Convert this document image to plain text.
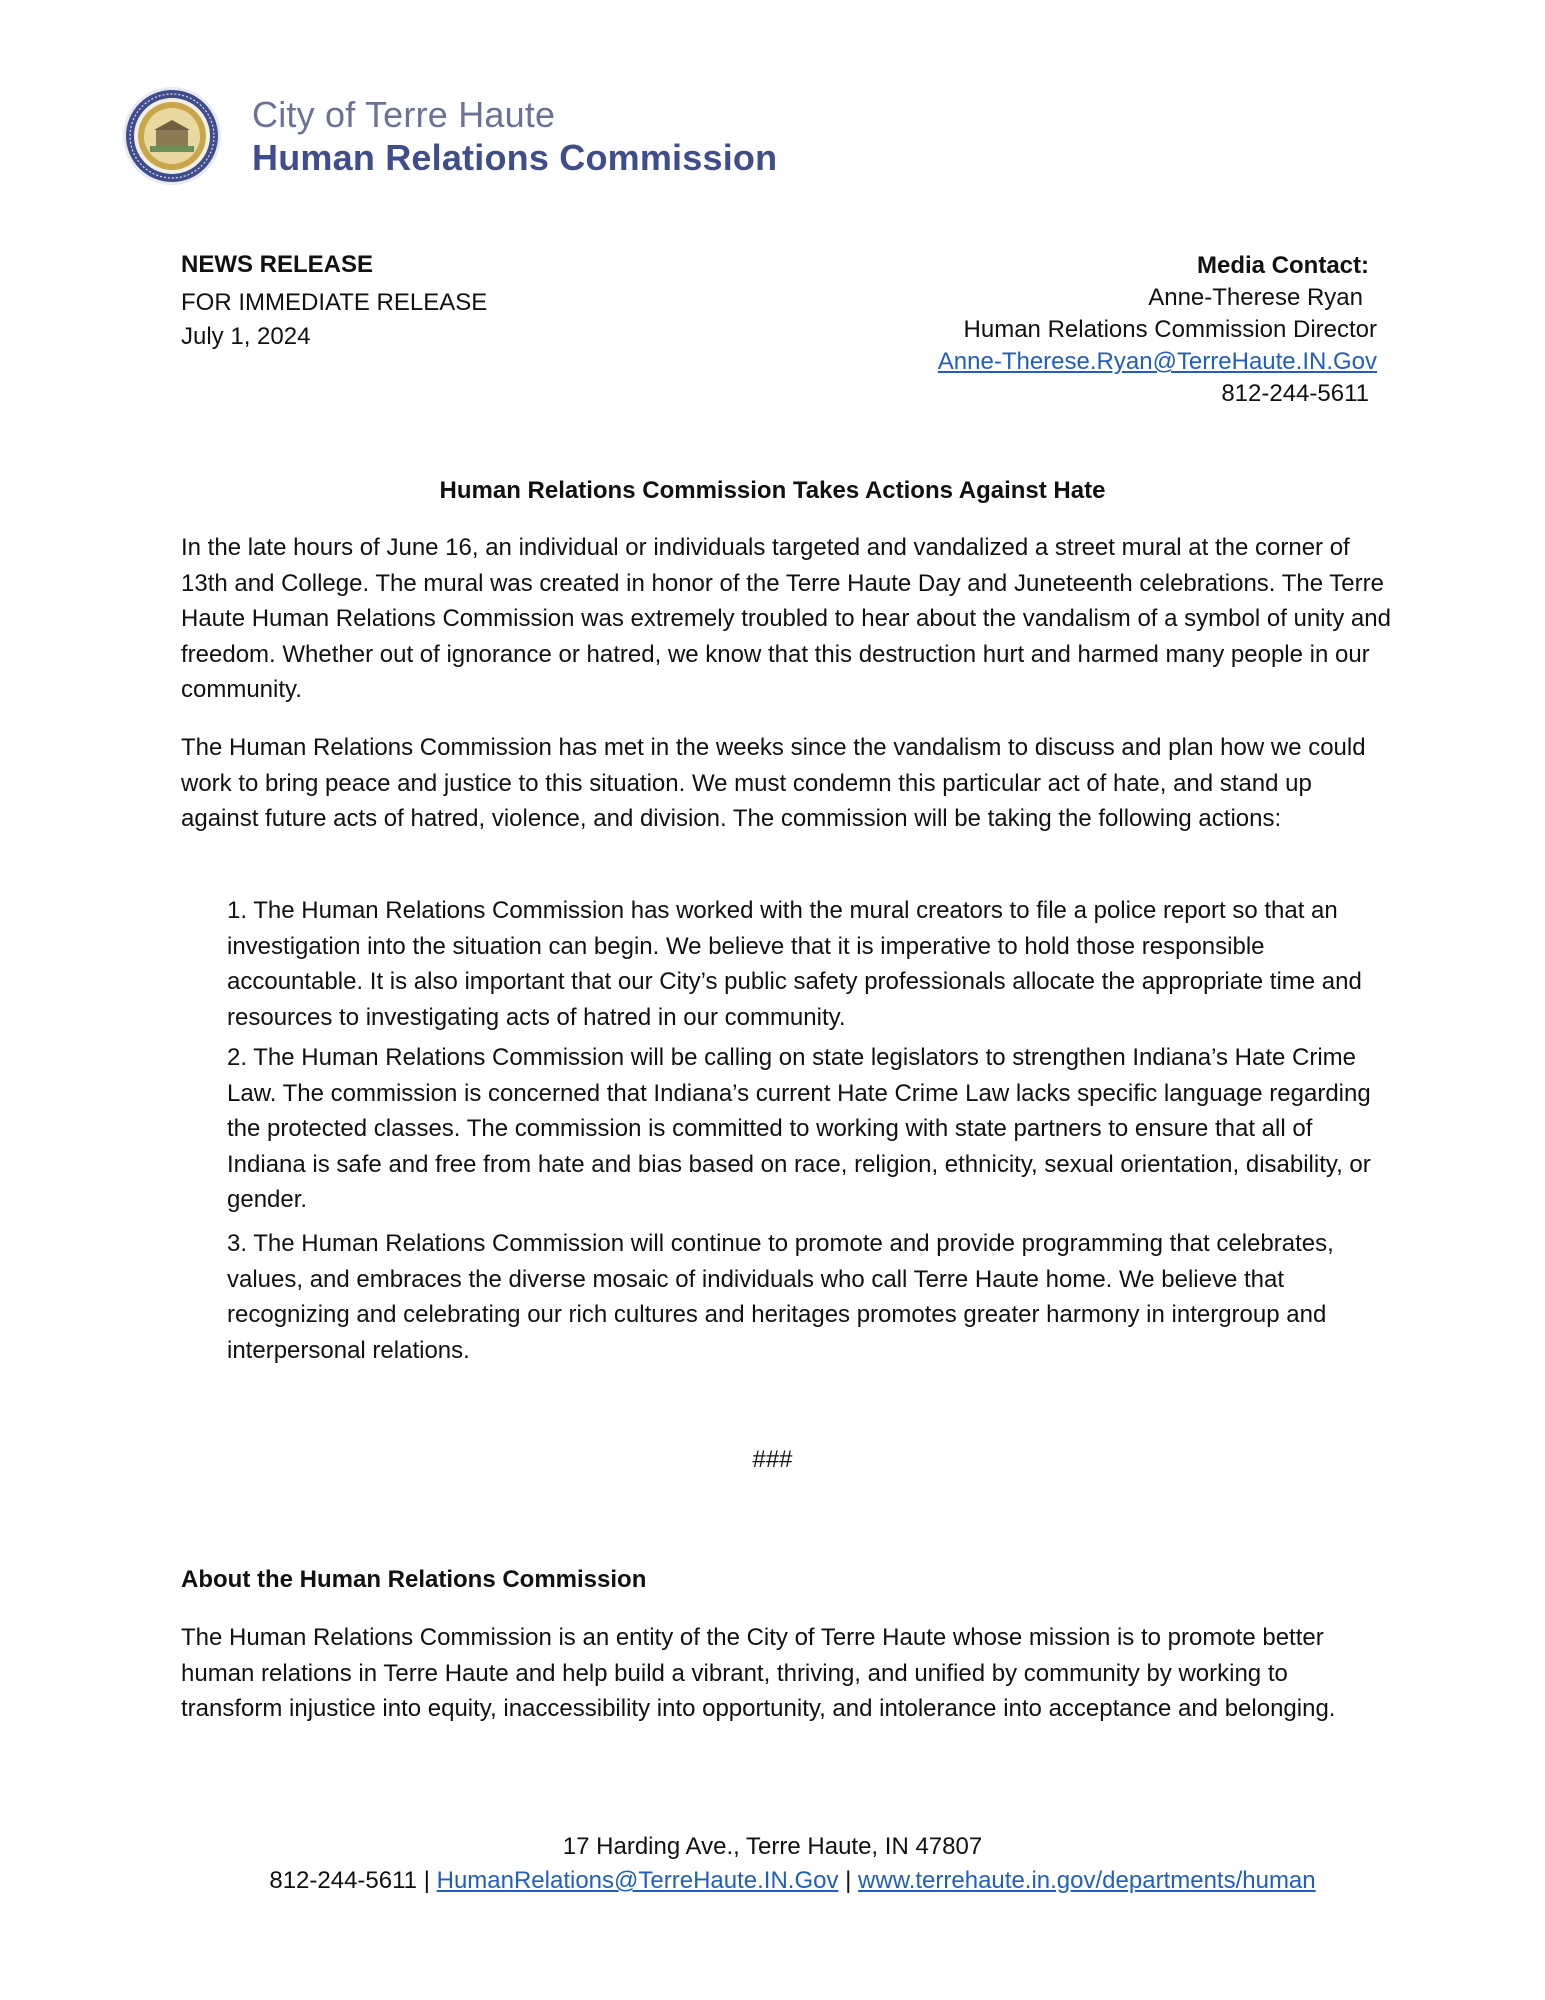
City of Terre Haute
Human Relations Commission
NEWS RELEASE
FOR IMMEDIATE RELEASE
July 1, 2024
Media Contact:
Anne-Therese Ryan
Human Relations Commission Director
Anne-Therese.Ryan@TerreHaute.IN.Gov
812-244-5611
Human Relations Commission Takes Actions Against Hate

In the late hours of June 16, an individual or individuals targeted and vandalized a street mural at the corner of 13th and College. The mural was created in honor of the Terre Haute Day and Juneteenth celebrations. The Terre Haute Human Relations Commission was extremely troubled to hear about the vandalism of a symbol of unity and freedom. Whether out of ignorance or hatred, we know that this destruction hurt and harmed many people in our community.

The Human Relations Commission has met in the weeks since the vandalism to discuss and plan how we could work to bring peace and justice to this situation. We must condemn this particular act of hate, and stand up against future acts of hatred, violence, and division. The commission will be taking the following actions:

1. The Human Relations Commission has worked with the mural creators to file a police report so that an investigation into the situation can begin. We believe that it is imperative to hold those responsible accountable. It is also important that our City’s public safety professionals allocate the appropriate time and resources to investigating acts of hatred in our community.

2. The Human Relations Commission will be calling on state legislators to strengthen Indiana’s Hate Crime Law. The commission is concerned that Indiana’s current Hate Crime Law lacks specific language regarding the protected classes. The commission is committed to working with state partners to ensure that all of Indiana is safe and free from hate and bias based on race, religion, ethnicity, sexual orientation, disability, or gender.

3. The Human Relations Commission will continue to promote and provide programming that celebrates, values, and embraces the diverse mosaic of individuals who call Terre Haute home. We believe that recognizing and celebrating our rich cultures and heritages promotes greater harmony in intergroup and interpersonal relations.

###
About the Human Relations Commission

The Human Relations Commission is an entity of the City of Terre Haute whose mission is to promote better human relations in Terre Haute and help build a vibrant, thriving, and unified by community by working to transform injustice into equity, inaccessibility into opportunity, and intolerance into acceptance and belonging.

17 Harding Ave., Terre Haute, IN 47807
812-244-5611 | HumanRelations@TerreHaute.IN.Gov | www.terrehaute.in.gov/departments/human
